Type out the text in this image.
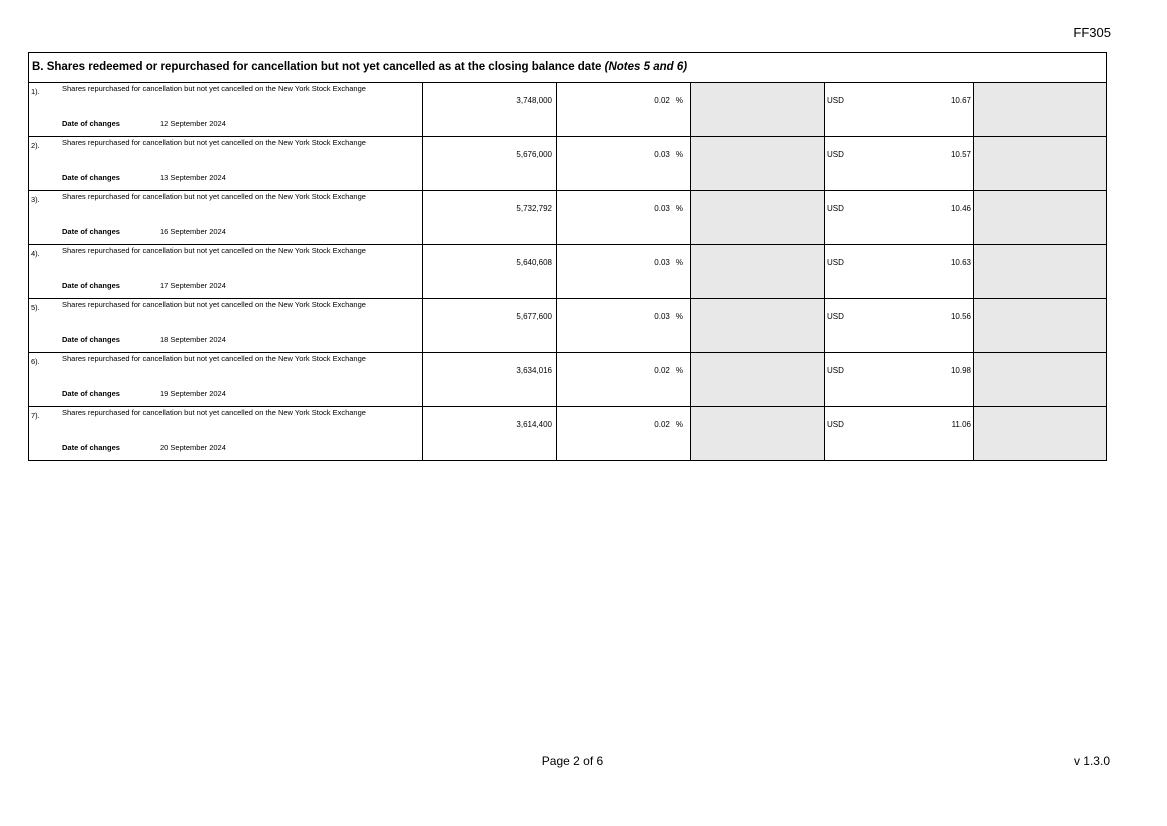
FF305
B. Shares redeemed or repurchased for cancellation but not yet cancelled as at the closing balance date (Notes 5 and 6)
1).	Shares repurchased for cancellation but not yet cancelled on the New York Stock Exchange
Date of changes	12 September 2024
3,748,000	0.02 %	USD	10.67
2).	Shares repurchased for cancellation but not yet cancelled on the New York Stock Exchange
Date of changes	13 September 2024
5,676,000	0.03 %	USD	10.57
3).	Shares repurchased for cancellation but not yet cancelled on the New York Stock Exchange
Date of changes	16 September 2024
5,732,792	0.03 %	USD	10.46
4).	Shares repurchased for cancellation but not yet cancelled on the New York Stock Exchange
Date of changes	17 September 2024
5,640,608	0.03 %	USD	10.63
5).	Shares repurchased for cancellation but not yet cancelled on the New York Stock Exchange
Date of changes	18 September 2024
5,677,600	0.03 %	USD	10.56
6).	Shares repurchased for cancellation but not yet cancelled on the New York Stock Exchange
Date of changes	19 September 2024
3,634,016	0.02 %	USD	10.98
7).	Shares repurchased for cancellation but not yet cancelled on the New York Stock Exchange
Date of changes	20 September 2024
3,614,400	0.02 %	USD	11.06
Page 2 of 6	v 1.3.0
